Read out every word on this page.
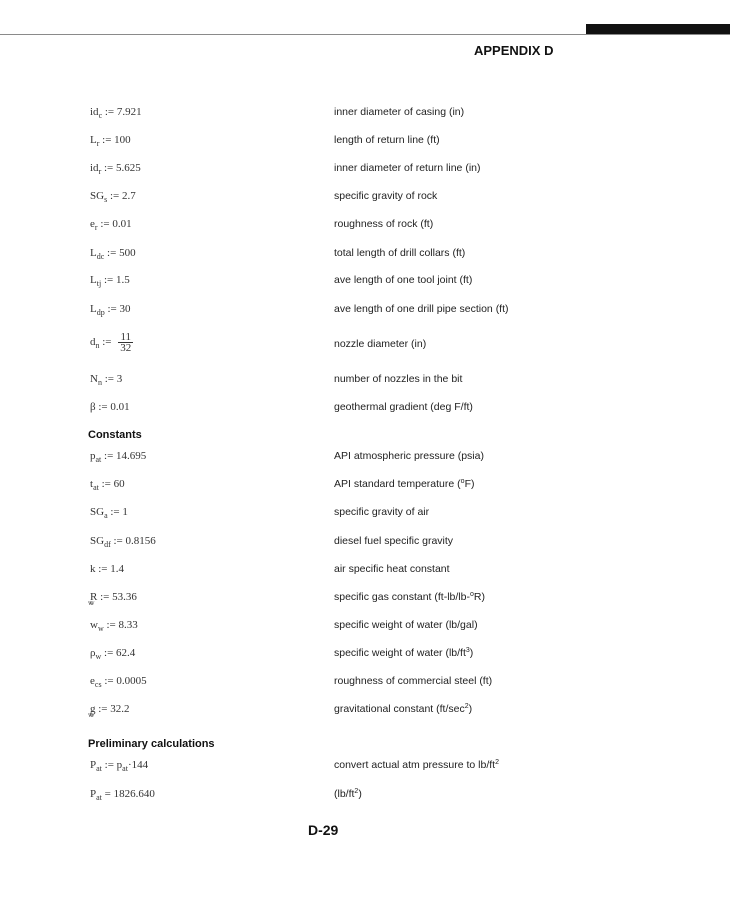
APPENDIX D
$id_c$ := 7.921	inner diameter of casing (in)
$L_r$ := 100	length of return line (ft)
$id_r$ := 5.625	inner diameter of return line (in)
$SG_s$ := 2.7	specific gravity of rock
$e_r$ := 0.01	roughness of rock (ft)
$L_{dc}$ := 500	total length of drill collars (ft)
$L_{tj}$ := 1.5	ave length of one tool joint (ft)
$L_{dp}$ := 30	ave length of one drill pipe section (ft)
$d_n$ := $\frac{11}{32}$	nozzle diameter (in)
$N_n$ := 3	number of nozzles in the bit
β := 0.01	geothermal gradient (deg F/ft)
Constants
$p_{at}$ := 14.695	API atmospheric pressure (psia)
$t_{at}$ := 60	API standard temperature ($^o$F)
$SG_a$ := 1	specific gravity of air
$SG_{df}$ := 0.8156	diesel fuel specific gravity
k := 1.4	air specific heat constant
R vvv := 53.36	specific gas constant (ft-lb/lb-$^o$R)
$w_w$ := 8.33	specific weight of water (lb/gal)
$\rho_w$ := 62.4	specific weight of water $(lb/ft^3)$
$e_{cs}$ := 0.0005	roughness of commercial steel (ft)
g vvv := 32.2	gravitational constant $(ft/\sec^2)$
Preliminary calculations
$P_{at}$ := $p_{at}\cdot 144$	convert actual atm pressure to $lb/ft^2$
$P_{at} = 1826.640$	$(lb/ft^2)$
D-29
